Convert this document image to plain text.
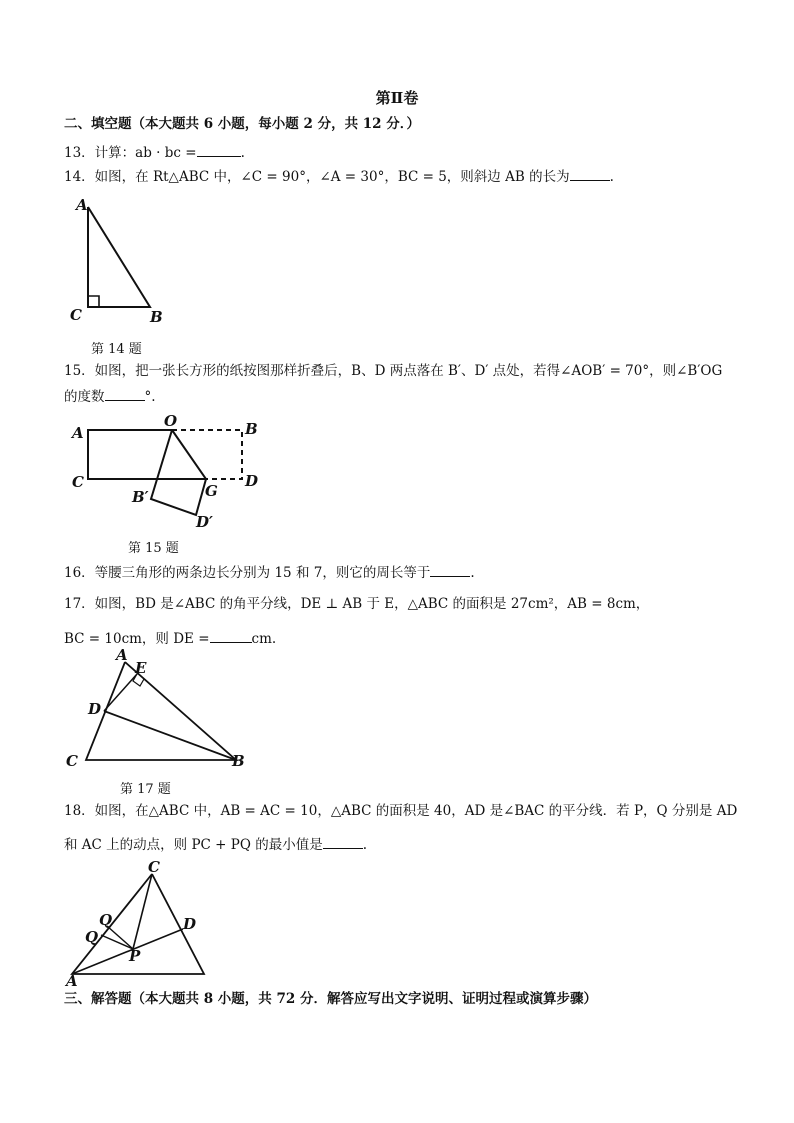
第Ⅱ卷
二、填空题（本大题共 6 小题，每小题 2 分，共 12 分．）
13．计算：ab · bc =	.
14．如图，在 Rt△ABC 中，∠C = 90°，∠A = 30°，BC = 5，则斜边 AB 的长为	.
A
C	B
第 14 题
15．如图，把一张长方形的纸按图那样折叠后，B、D 两点落在 B′、D′ 点处，若得∠AOB′ = 70°，则∠B′OG
的度数	°.
A
O	B
C	G
D
B′
D′
第 15 题
16．等腰三角形的两条边长分别为 15 和 7，则它的周长等于	.
17．如图，BD 是∠ABC 的角平分线，DE ⊥ AB 于 E，△ABC 的面积是 27cm²，AB = 8cm，
BC = 10cm，则 DE =	cm.
A
E
D
C	B
第 17 题
18．如图，在△ABC 中，AB = AC = 10，△ABC 的面积是 40，AD 是∠BAC 的平分线．若 P，Q 分别是 AD
和 AC 上的动点，则 PC + PQ 的最小值是	.
C
Q
Q
P
D
A
三、解答题（本大题共 8 小题，共 72 分．解答应写出文字说明、证明过程或演算步骤）
